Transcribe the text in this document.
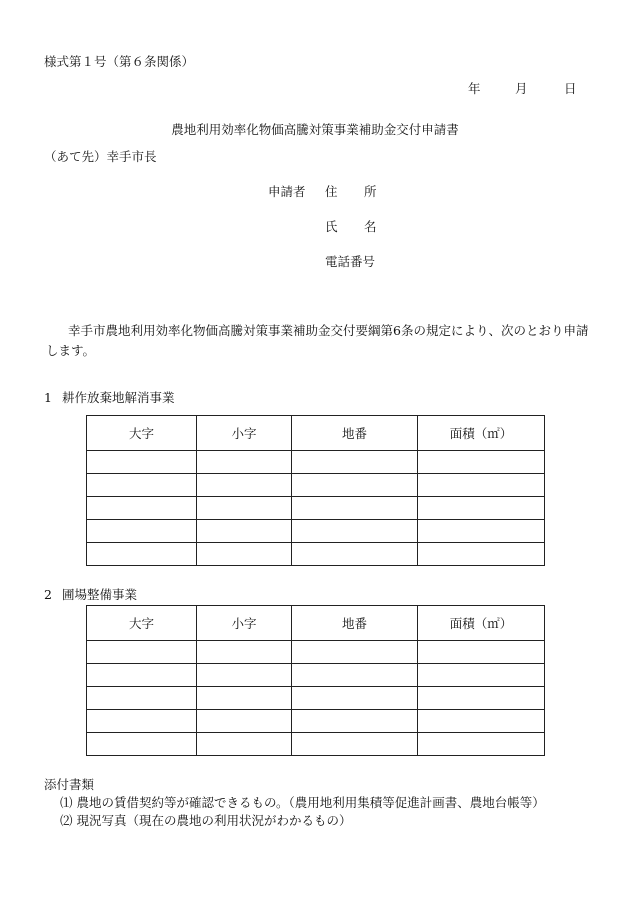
様式第１号（第６条関係）
年	月	日
農地利用効率化物価高騰対策事業補助金交付申請書
（あて先）幸手市長
申請者 住 所
氏 名
電話番号
幸手市農地利用効率化物価高騰対策事業補助金交付要綱第6条の規定により、次のとおり申請します。
1 耕作放棄地解消事業
大字	小字	地番	面積（㎡）

2 圃場整備事業
大字	小字	地番	面積（㎡）

添付書類
⑴ 農地の賃借契約等が確認できるもの。（農用地利用集積等促進計画書、農地台帳等）
⑵ 現況写真（現在の農地の利用状況がわかるもの）
